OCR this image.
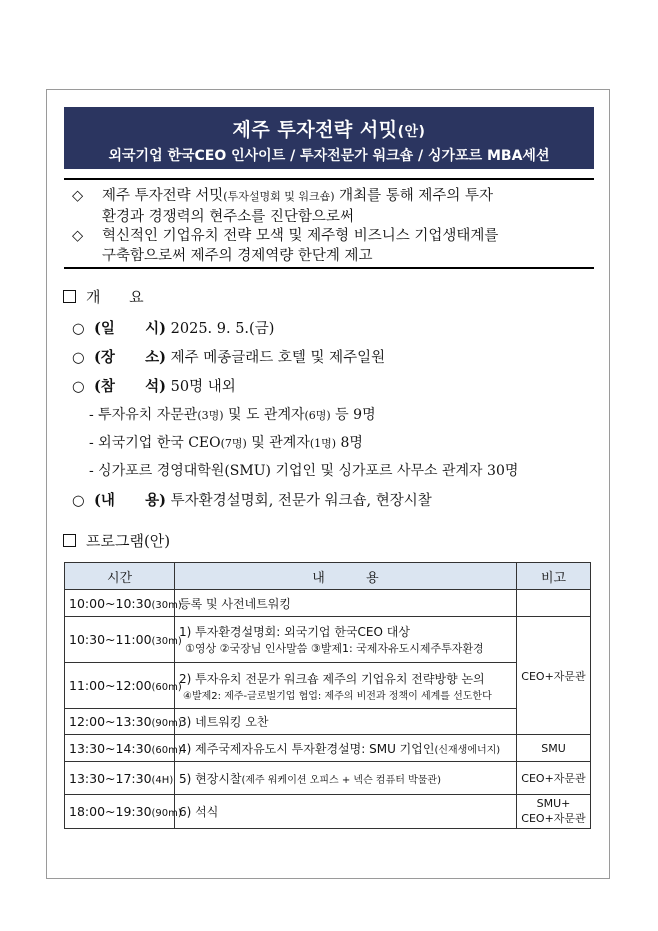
제주 투자전략 서밋(안)
외국기업 한국CEO 인사이트 / 투자전문가 워크숍 / 싱가포르 MBA세션
◇ 제주 투자전략 서밋(투자설명회 및 워크숍) 개최를 통해 제주의 투자
환경과 경쟁력의 현주소를 진단함으로써
◇ 혁신적인 기업유치 전략 모색 및 제주형 비즈니스 기업생태계를
구축함으로써 제주의 경제역량 한단계 제고
개      요
○ (일      시) 2025. 9. 5.(금)
○ (장      소) 제주 메종글래드 호텔 및 제주일원
○ (참      석) 50명 내외
- 투자유치 자문관(3명) 및 도 관계자(6명) 등 9명
- 외국기업 한국 CEO(7명) 및 관계자(1명) 8명
- 싱가포르 경영대학원(SMU) 기업인 및 싱가포르 사무소 관계자 30명
○ (내      용) 투자환경설명회, 전문가 워크숍, 현장시찰
프로그램(안)
시간	내          용	비고
10:00~10:30(30m)	등록 및 사전네트워킹	
10:30~11:00(30m)	1) 투자환경설명회: 외국기업 한국CEO 대상
①영상 ②국장님 인사말씀 ③발제1: 국제자유도시제주투자환경	CEO+자문관
11:00~12:00(60m)	2) 투자유치 전문가 워크숍 제주의 기업유치 전략방향 논의
④발제2: 제주-글로벌기업 협업: 제주의 비전과 정책이 세계를 선도한다	

12:00~13:30(90m)	3) 네트워킹 오찬	
13:30~14:30(60m)	4) 제주국제자유도시 투자환경설명: SMU 기업인(신재생에너지)	SMU
13:30~17:30(4H)	5) 현장시찰(제주 워케이션 오피스 + 넥슨 컴퓨터 박물관)	CEO+자문관
18:00~19:30(90m)	6) 석식	SMU+
CEO+자문관
